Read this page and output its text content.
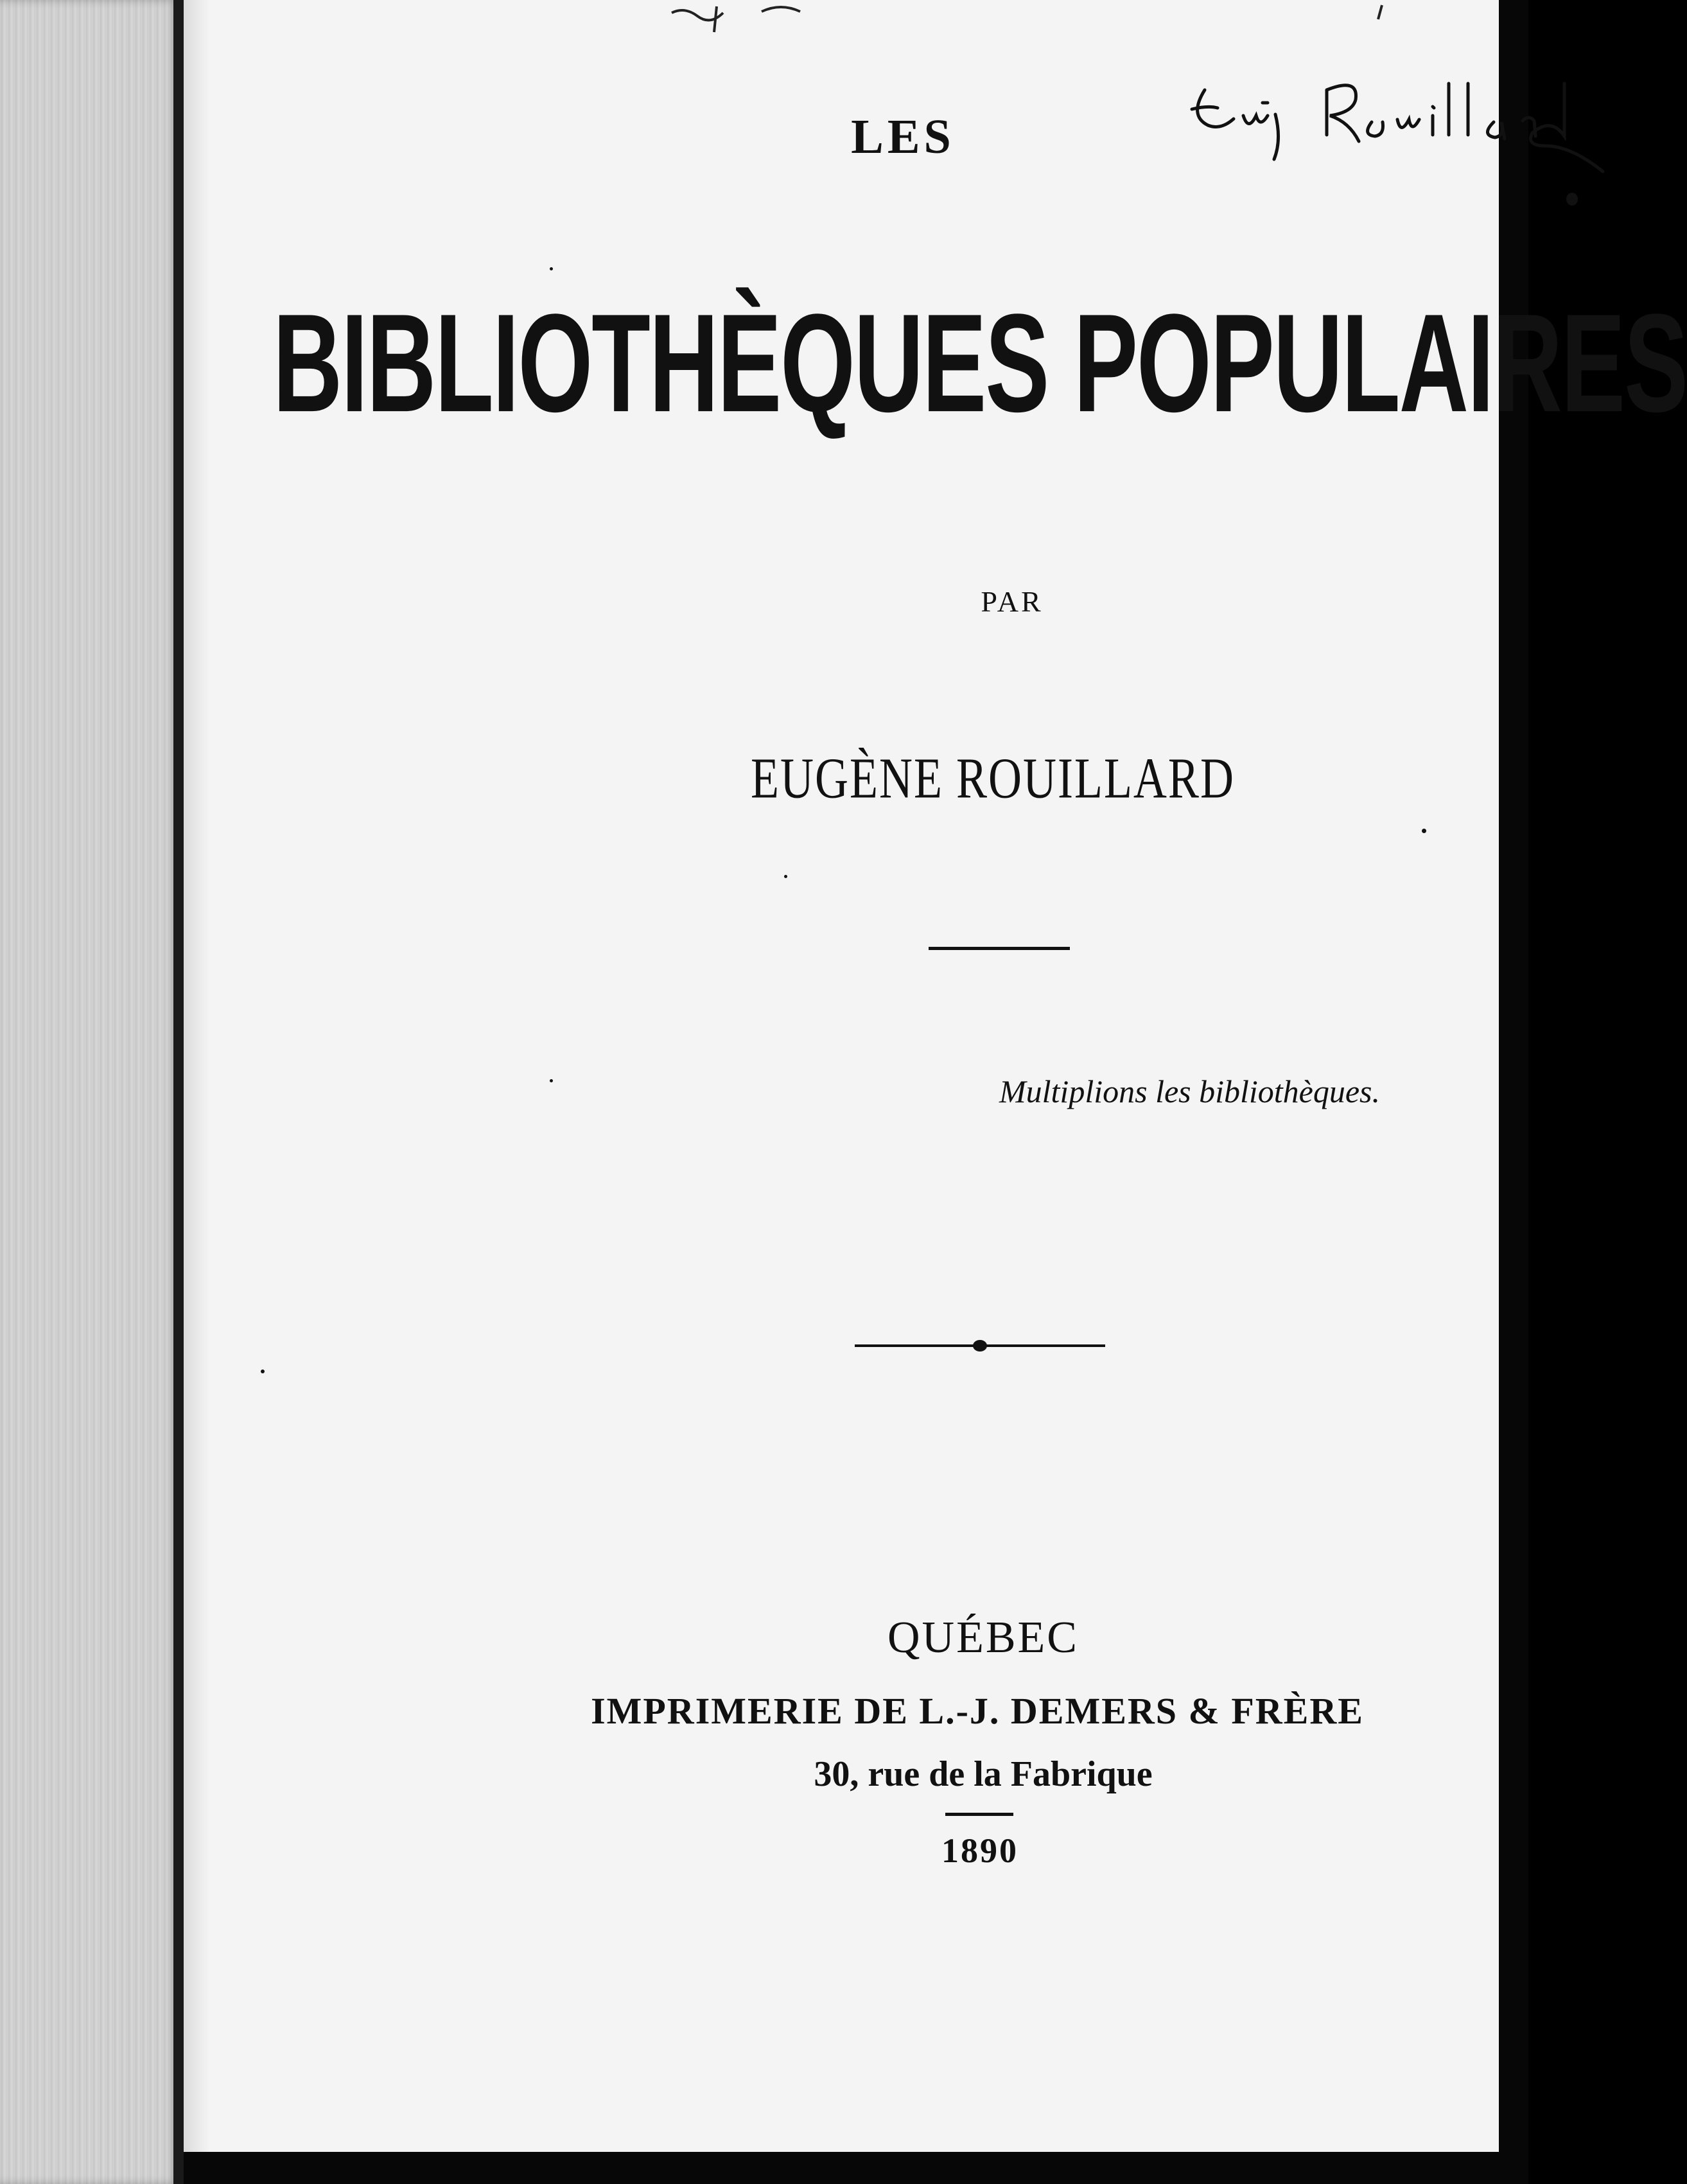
LES
BIBLIOTHÈQUES POPULAIRES
PAR
EUGÈNE ROUILLARD
Multiplions les bibliothèques.
QUÉBEC
IMPRIMERIE DE L.-J. DEMERS & FRÈRE
30, rue de la Fabrique
1890
